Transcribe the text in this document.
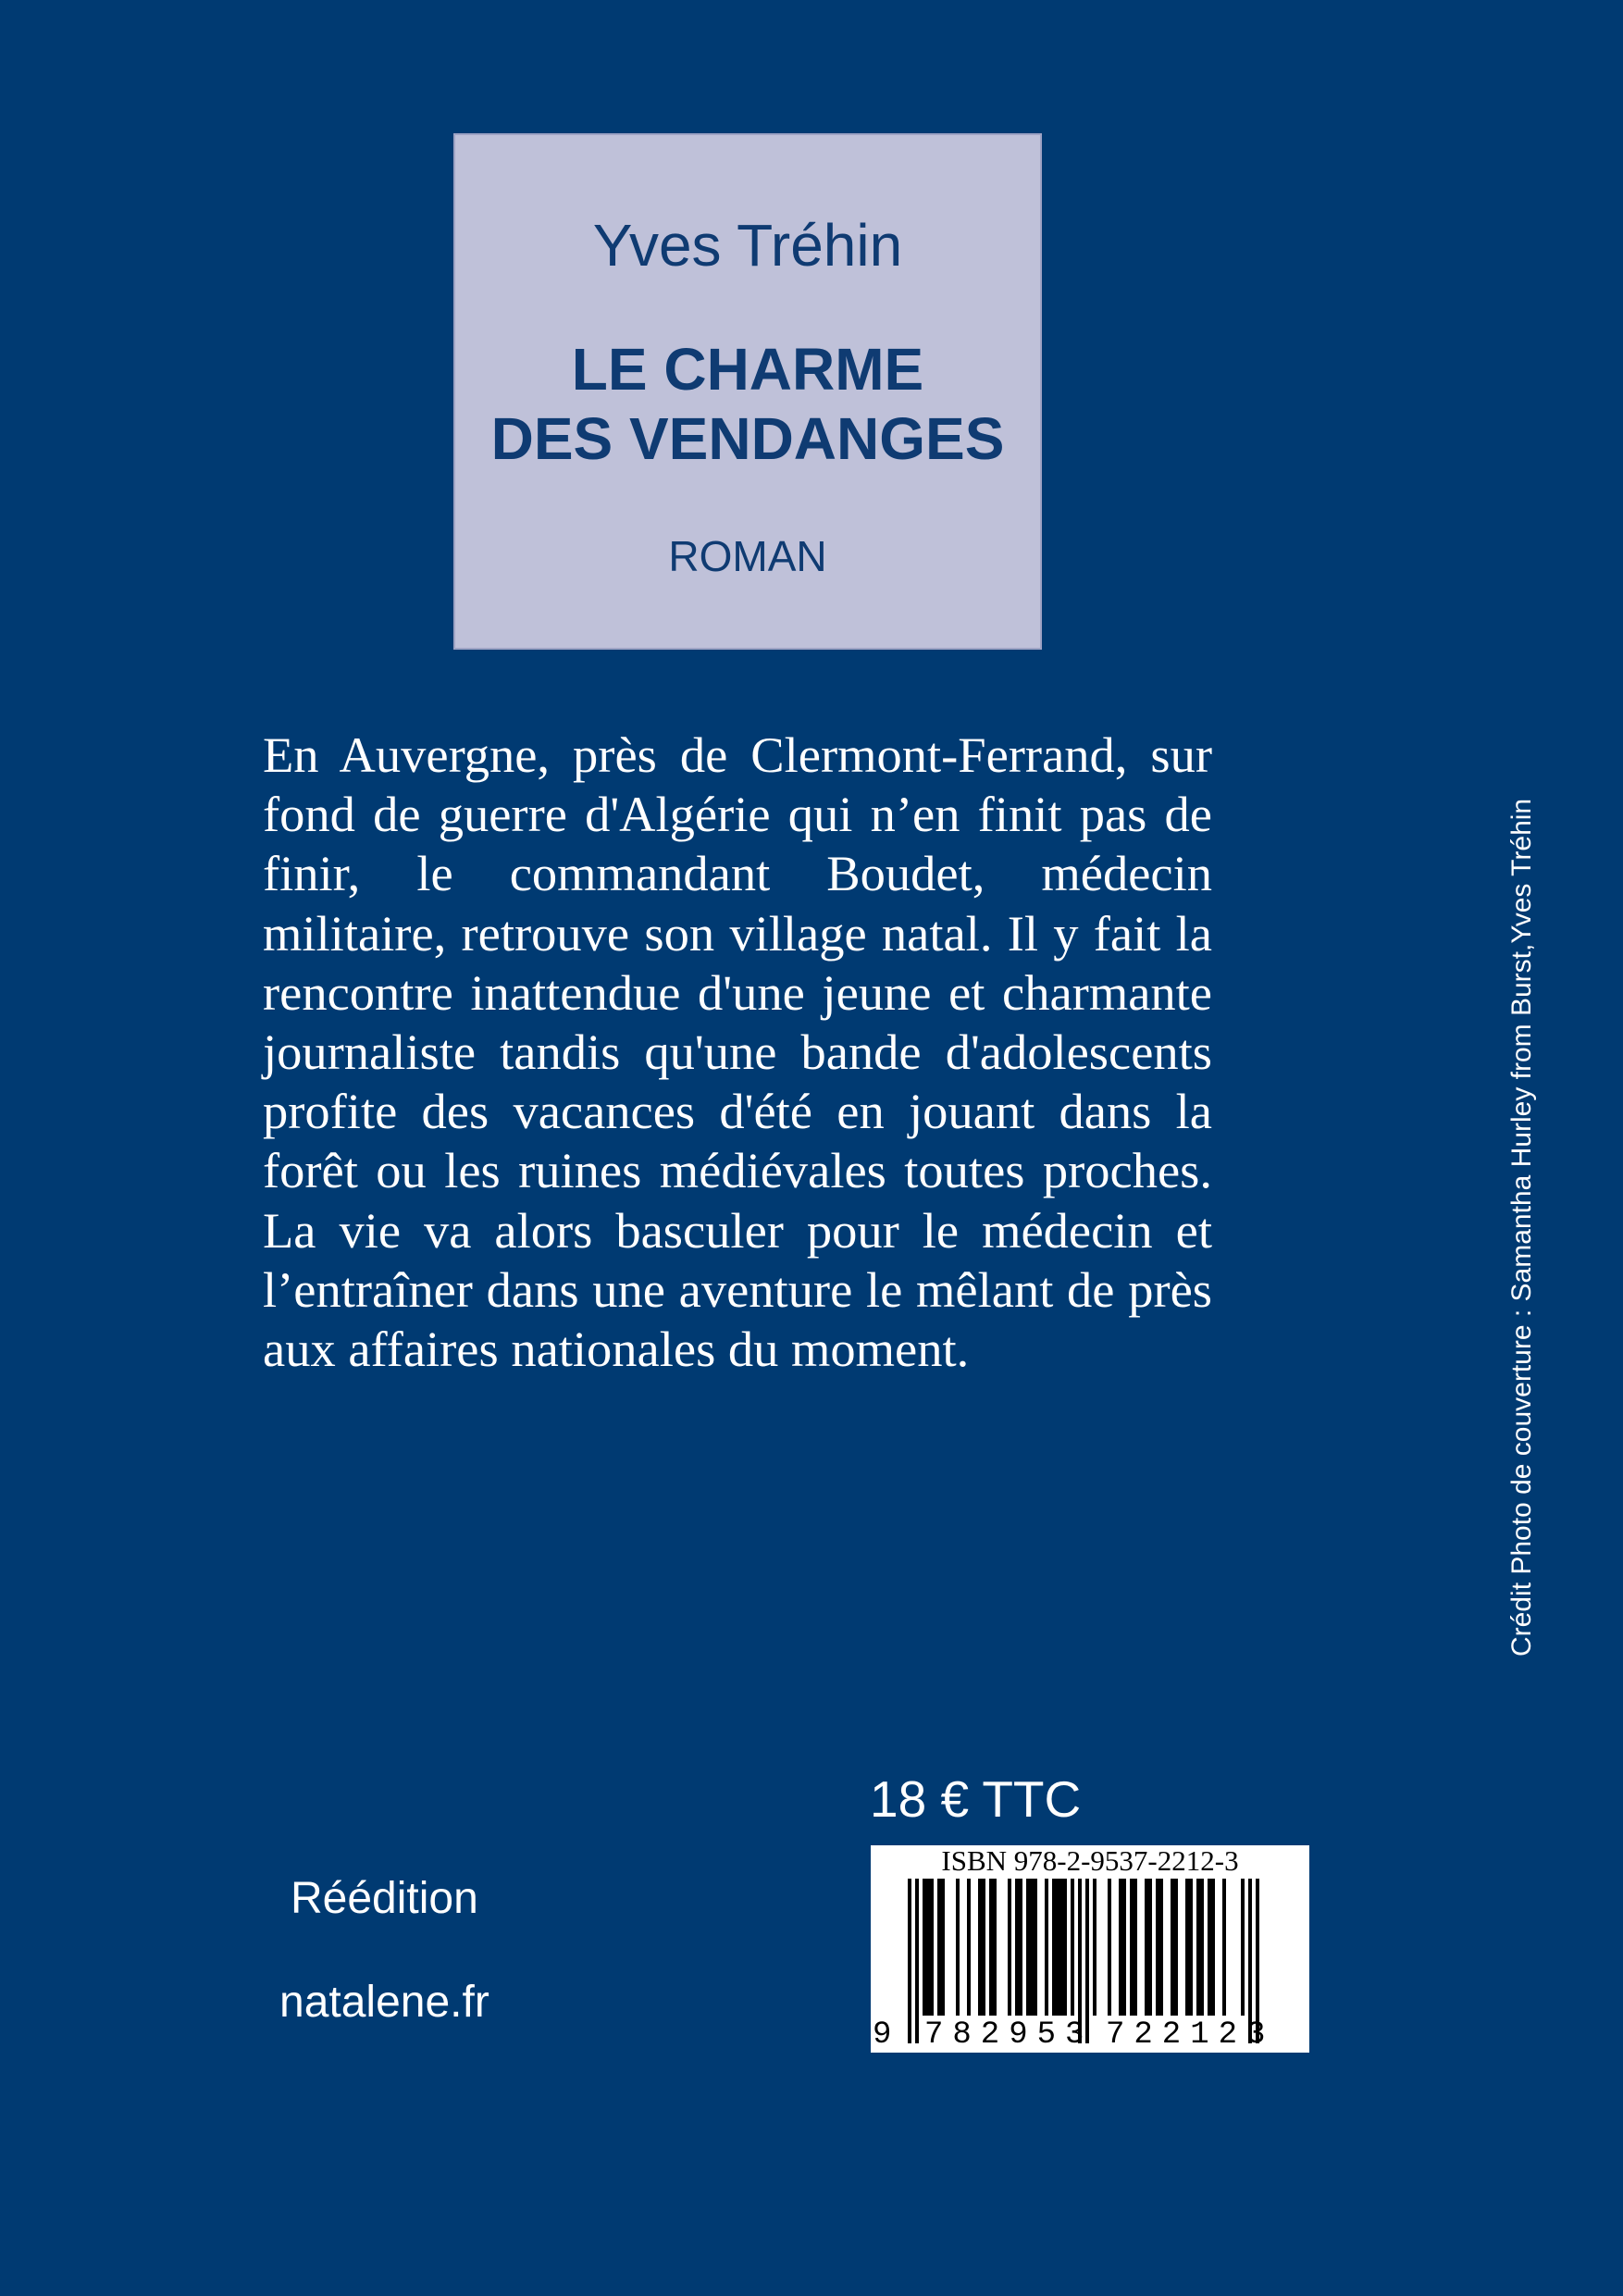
Yves Tréhin
LE CHARME
DES VENDANGES
ROMAN

En Auvergne, près de Clermont-Ferrand, sur fond de guerre d'Algérie qui n’en finit pas de finir, le commandant Boudet, médecin militaire, retrouve son village natal. Il y fait la rencontre inattendue d'une jeune et charmante journaliste tandis qu'une bande d'adolescents profite des vacances d'été en jouant dans la forêt ou les ruines médiévales toutes proches. La vie va alors basculer pour le médecin et l’entraîner dans une aventure le mêlant de près aux affaires nationales du moment.	Crédit Photo de couverture : Samantha Hurley from Burst,Yves Tréhin
18 € TTC
Réédition
natalene.fr
ISBN 978-2-9537-2212-3
9 782953 722123
